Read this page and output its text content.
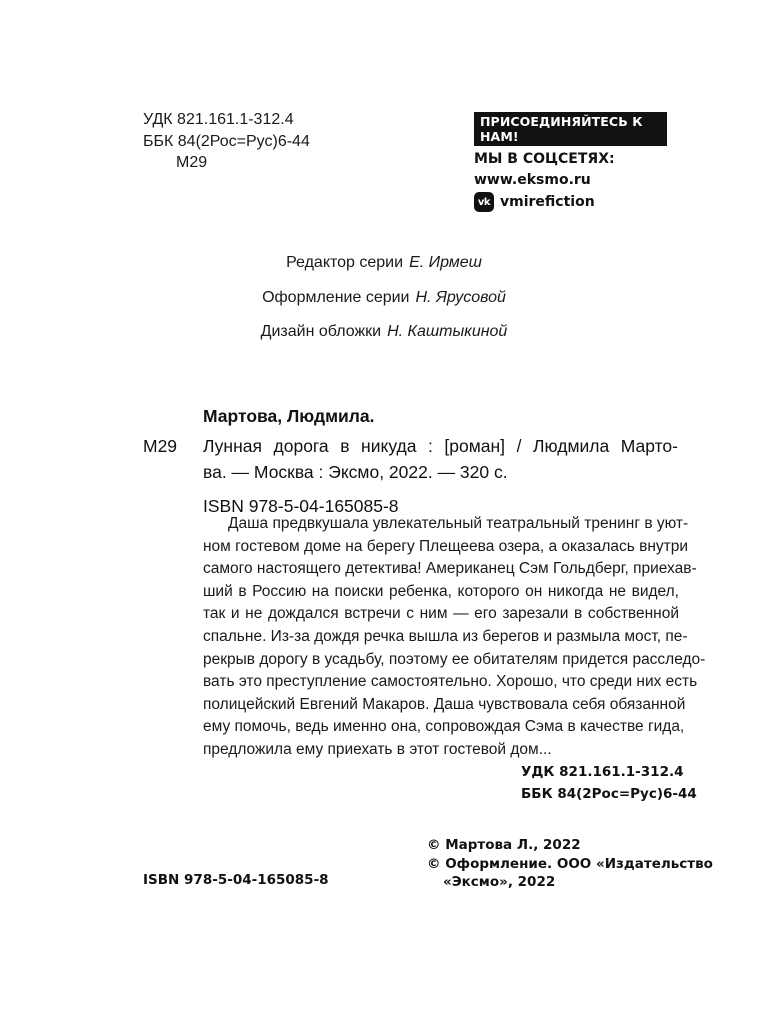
УДК 821.161.1-312.4
ББК 84(2Рос=Рус)6-44
М29
ПРИСОЕДИНЯЙТЕСЬ К НАМ!
МЫ В СОЦСЕТЯХ:
www.eksmo.ru
vk vmirefiction
Редактор серии Е. Ирмеш
Оформление серии Н. Ярусовой
Дизайн обложки Н. Каштыкиной
Мартова, Людмила.
М29	Лунная дорога в никуда : [роман] / Людмила Марто-
ва. — Москва : Эксмо, 2022. — 320 с.
ISBN 978-5-04-165085-8
Даша предвкушала увлекательный театральный тренинг в уют-
ном гостевом доме на берегу Плещеева озера, а оказалась внутри
самого настоящего детектива! Американец Сэм Гольдберг, приехав-
ший в Россию на поиски ребенка, которого он никогда не видел,
так и не дождался встречи с ним — его зарезали в собственной
спальне. Из-за дождя речка вышла из берегов и размыла мост, пе-
рекрыв дорогу в усадьбу, поэтому ее обитателям придется расследо-
вать это преступление самостоятельно. Хорошо, что среди них есть
полицейский Евгений Макаров. Даша чувствовала себя обязанной
ему помочь, ведь именно она, сопровождая Сэма в качестве гида,
предложила ему приехать в этот гостевой дом...
УДК 821.161.1-312.4
ББК 84(2Рос=Рус)6-44
© Мартова Л., 2022
© Оформление. ООО «Издательство
«Эксмо», 2022
ISBN 978-5-04-165085-8
